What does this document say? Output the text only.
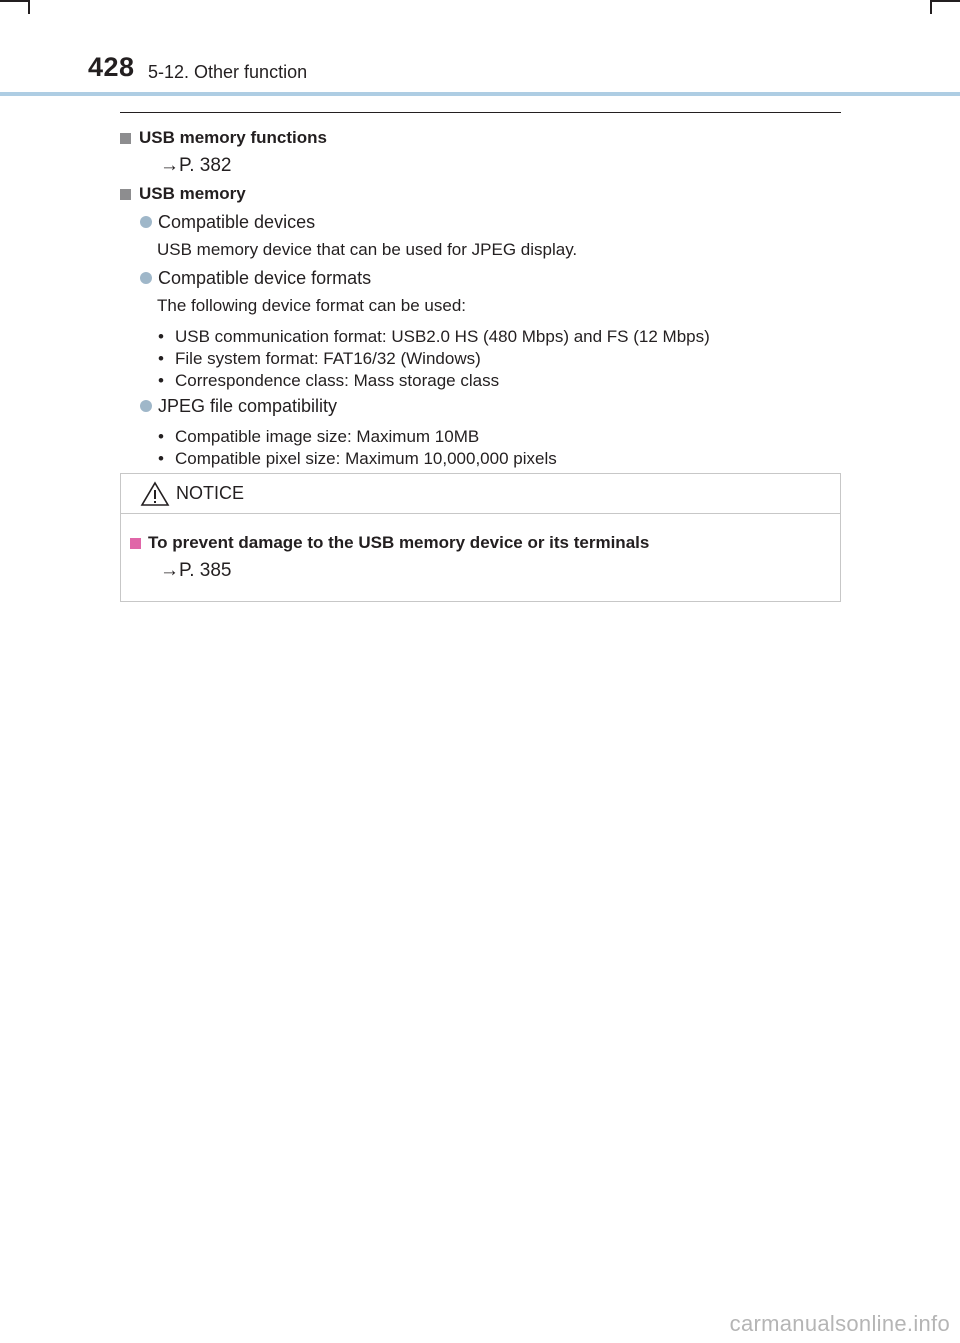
428 5-12. Other function
USB memory functions
→P. 382
USB memory
Compatible devices
USB memory device that can be used for JPEG display.
Compatible device formats
The following device format can be used:
• USB communication format: USB2.0 HS (480 Mbps) and FS (12 Mbps)
• File system format: FAT16/32 (Windows)
• Correspondence class: Mass storage class
JPEG file compatibility
• Compatible image size: Maximum 10MB
• Compatible pixel size: Maximum 10,000,000 pixels
NOTICE
To prevent damage to the USB memory device or its terminals
→P. 385
carmanualsonline.info
